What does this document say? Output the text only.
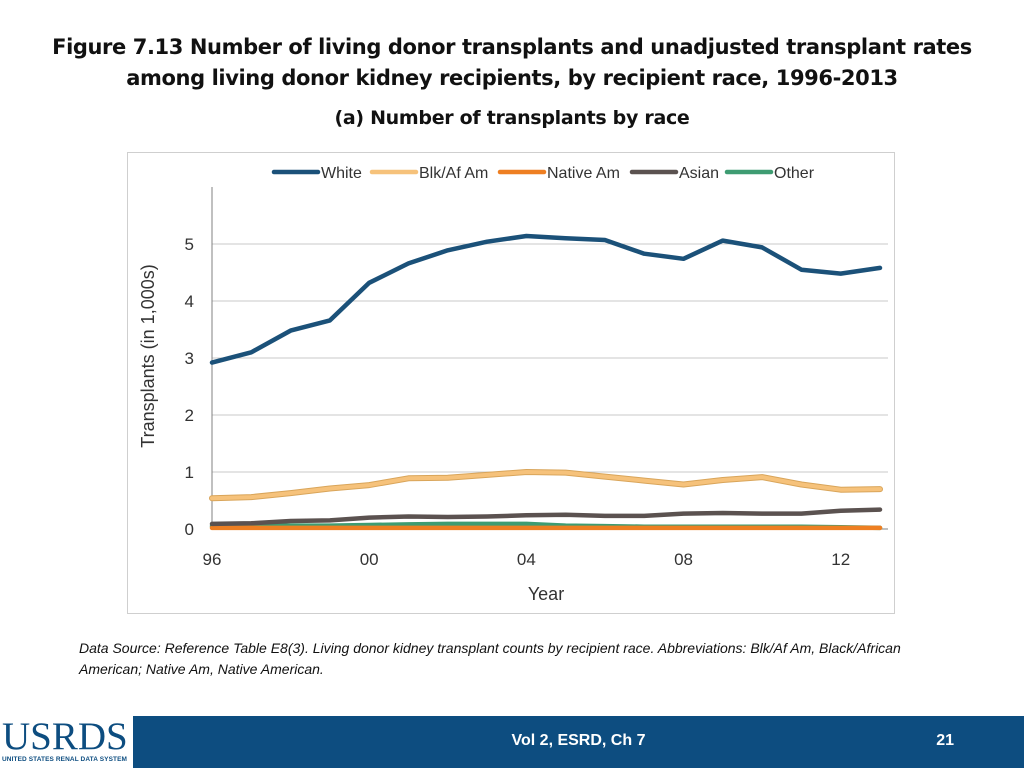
Figure 7.13 Number of living donor transplants and unadjusted transplant rates
among living donor kidney recipients, by recipient race, 1996-2013
(a) Number of transplants by race
0
1
2
3
4
5
96	00	04	08	12
Year
Transplants (in 1,000s)
White	Blk/Af Am	Native Am	Asian	Other
Data Source: Reference Table E8(3). Living donor kidney transplant counts by recipient race. Abbreviations: Blk/Af Am, Black/African American; Native Am, Native American.
USRDS
UNITED STATES RENAL DATA SYSTEM
Vol 2, ESRD, Ch 7	21
